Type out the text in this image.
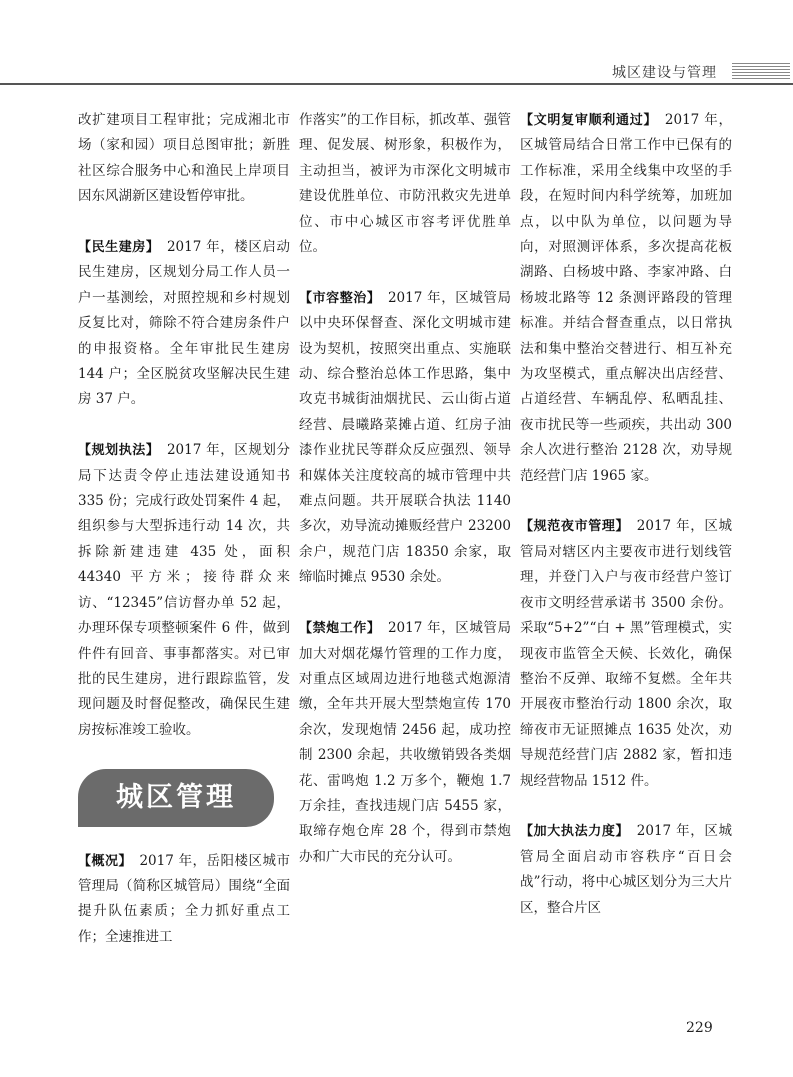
城区建设与管理

改扩建项目工程审批；完成湘北市场（家和园）项目总图审批；新胜社区综合服务中心和渔民上岸项目因东风湖新区建设暂停审批。

【民生建房】　2017 年，楼区启动民生建房，区规划分局工作人员一户一基测绘，对照控规和乡村规划反复比对，筛除不符合建房条件户的申报资格。全年审批民生建房 144 户；全区脱贫攻坚解决民生建房 37 户。

【规划执法】　2017 年，区规划分局下达责令停止违法建设通知书 335 份；完成行政处罚案件 4 起，组织参与大型拆违行动 14 次，共拆除新建违建 435 处，面积 44340 平方米；接待群众来访、“12345”信访督办单 52 起，办理环保专项整顿案件 6 件，做到件件有回音、事事都落实。对已审批的民生建房，进行跟踪监管，发现问题及时督促整改，确保民生建房按标准竣工验收。

城区管理

【概况】　2017 年，岳阳楼区城市管理局（简称区城管局）围绕“全面提升队伍素质；全力抓好重点工作；全速推进工

作落实”的工作目标，抓改革、强管理、促发展、树形象，积极作为，主动担当，被评为市深化文明城市建设优胜单位、市防汛救灾先进单位、市中心城区市容考评优胜单位。

【市容整治】　2017 年，区城管局以中央环保督查、深化文明城市建设为契机，按照突出重点、实施联动、综合整治总体工作思路，集中攻克书城街油烟扰民、云山街占道经营、晨曦路菜摊占道、红房子油漆作业扰民等群众反应强烈、领导和媒体关注度较高的城市管理中共难点问题。共开展联合执法 1140 多次，劝导流动摊贩经营户 23200 余户，规范门店 18350 余家，取缔临时摊点 9530 余处。

【禁炮工作】　2017 年，区城管局加大对烟花爆竹管理的工作力度，对重点区域周边进行地毯式炮源清缴，全年共开展大型禁炮宣传 170 余次，发现炮情 2456 起，成功控制 2300 余起，共收缴销毁各类烟花、雷鸣炮 1.2 万多个，鞭炮 1.7 万余挂，查找违规门店 5455 家，取缔存炮仓库 28 个，得到市禁炮办和广大市民的充分认可。

【文明复审顺利通过】　2017 年，区城管局结合日常工作中已保有的工作标准，采用全线集中攻坚的手段，在短时间内科学统筹，加班加点，以中队为单位，以问题为导向，对照测评体系，多次提高花板湖路、白杨坡中路、李家冲路、白杨坡北路等 12 条测评路段的管理标准。并结合督查重点，以日常执法和集中整治交替进行、相互补充为攻坚模式，重点解决出店经营、占道经营、车辆乱停、私晒乱挂、夜市扰民等一些顽疾，共出动 300 余人次进行整治 2128 次，劝导规范经营门店 1965 家。

【规范夜市管理】　2017 年，区城管局对辖区内主要夜市进行划线管理，并登门入户与夜市经营户签订夜市文明经营承诺书 3500 余份。采取“5+2”“白 + 黑”管理模式，实现夜市监管全天候、长效化，确保整治不反弹、取缔不复燃。全年共开展夜市整治行动 1800 余次，取缔夜市无证照摊点 1635 处次，劝导规范经营门店 2882 家，暂扣违规经营物品 1512 件。

【加大执法力度】　2017 年，区城管局全面启动市容秩序“百日会战”行动，将中心城区划分为三大片区，整合片区

229
